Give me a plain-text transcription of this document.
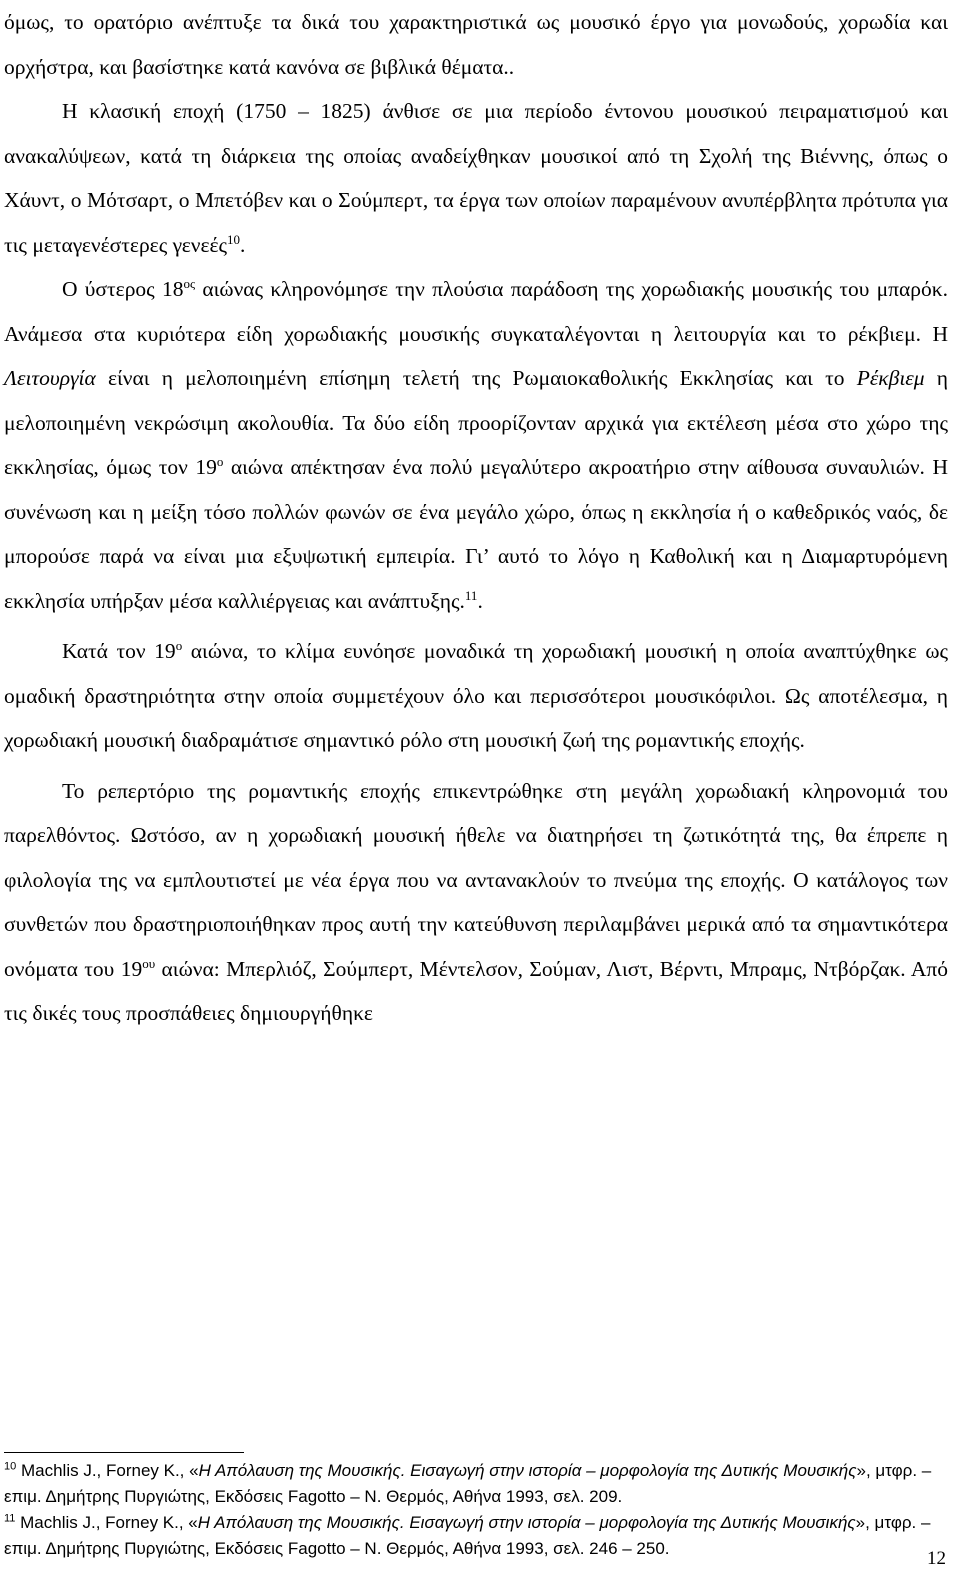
όμως, το ορατόριο ανέπτυξε τα δικά του χαρακτηριστικά ως μουσικό έργο για μονωδούς, χορωδία και ορχήστρα, και βασίστηκε κατά κανόνα σε βιβλικά θέματα..

Η κλασική εποχή (1750 – 1825) άνθισε σε μια περίοδο έντονου μουσικού πειραματισμού και ανακαλύψεων, κατά τη διάρκεια της οποίας αναδείχθηκαν μουσικοί από τη Σχολή της Βιέννης, όπως ο Χάυντ, ο Μότσαρτ, ο Μπετόβεν και ο Σούμπερτ, τα έργα των οποίων παραμένουν ανυπέρβλητα πρότυπα για τις μεταγενέστερες γενεές$^{10}$.

Ο ύστερος $18^{o\varsigma}$ αιώνας κληρονόμησε την πλούσια παράδοση της χορωδιακής μουσικής του μπαρόκ. Ανάμεσα στα κυριότερα είδη χορωδιακής μουσικής συγκαταλέγονται η λειτουργία και το ρέκβιεμ. Η Λειτουργία είναι η μελοποιημένη επίσημη τελετή της Ρωμαιοκαθολικής Εκκλησίας και το Ρέκβιεμ η μελοποιημένη νεκρώσιμη ακολουθία. Τα δύο είδη προορίζονταν αρχικά για εκτέλεση μέσα στο χώρο της εκκλησίας, όμως τον $19^o$ αιώνα απέκτησαν ένα πολύ μεγαλύτερο ακροατήριο στην αίθουσα συναυλιών. Η συνένωση και η μείξη τόσο πολλών φωνών σε ένα μεγάλο χώρο, όπως η εκκλησία ή ο καθεδρικός ναός, δε μπορούσε παρά να είναι μια εξυψωτική εμπειρία. Γι’ αυτό το λόγο η Καθολική και η Διαμαρτυρόμενη εκκλησία υπήρξαν μέσα καλλιέργειας και ανάπτυξης.$^{11}$.

Κατά τον $19^o$ αιώνα, το κλίμα ευνόησε μοναδικά τη χορωδιακή μουσική η οποία αναπτύχθηκε ως ομαδική δραστηριότητα στην οποία συμμετέχουν όλο και περισσότεροι μουσικόφιλοι. Ως αποτέλεσμα, η χορωδιακή μουσική διαδραμάτισε σημαντικό ρόλο στη μουσική ζωή της ρομαντικής εποχής.

Το ρεπερτόριο της ρομαντικής εποχής επικεντρώθηκε στη μεγάλη χορωδιακή κληρονομιά του παρελθόντος. Ωστόσο, αν η χορωδιακή μουσική ήθελε να διατηρήσει τη ζωτικότητά της, θα έπρεπε η φιλολογία της να εμπλουτιστεί με νέα έργα που να αντανακλούν το πνεύμα της εποχής. Ο κατάλογος των συνθετών που δραστηριοποιήθηκαν προς αυτή την κατεύθυνση περιλαμβάνει μερικά από τα σημαντικότερα ονόματα του $19^{o\upsilon}$ αιώνα: Μπερλιόζ, Σούμπερτ, Μέντελσον, Σούμαν, Λιστ, Βέρντι, Μπραμς, Ντβόρζακ. Από τις δικές τους προσπάθειες δημιουργήθηκε

$^{10}$ Machlis J., Forney K., «Η Απόλαυση της Μουσικής. Εισαγωγή στην ιστορία – μορφολογία της Δυτικής Μουσικής», μτφρ. – επιμ. Δημήτρης Πυργιώτης, Εκδόσεις Fagotto – Ν. Θερμός, Αθήνα 1993, σελ. 209.

$^{11}$ Machlis J., Forney K., «Η Απόλαυση της Μουσικής. Εισαγωγή στην ιστορία – μορφολογία της Δυτικής Μουσικής», μτφρ. – επιμ. Δημήτρης Πυργιώτης, Εκδόσεις Fagotto – Ν. Θερμός, Αθήνα 1993, σελ. 246 – 250.	12
